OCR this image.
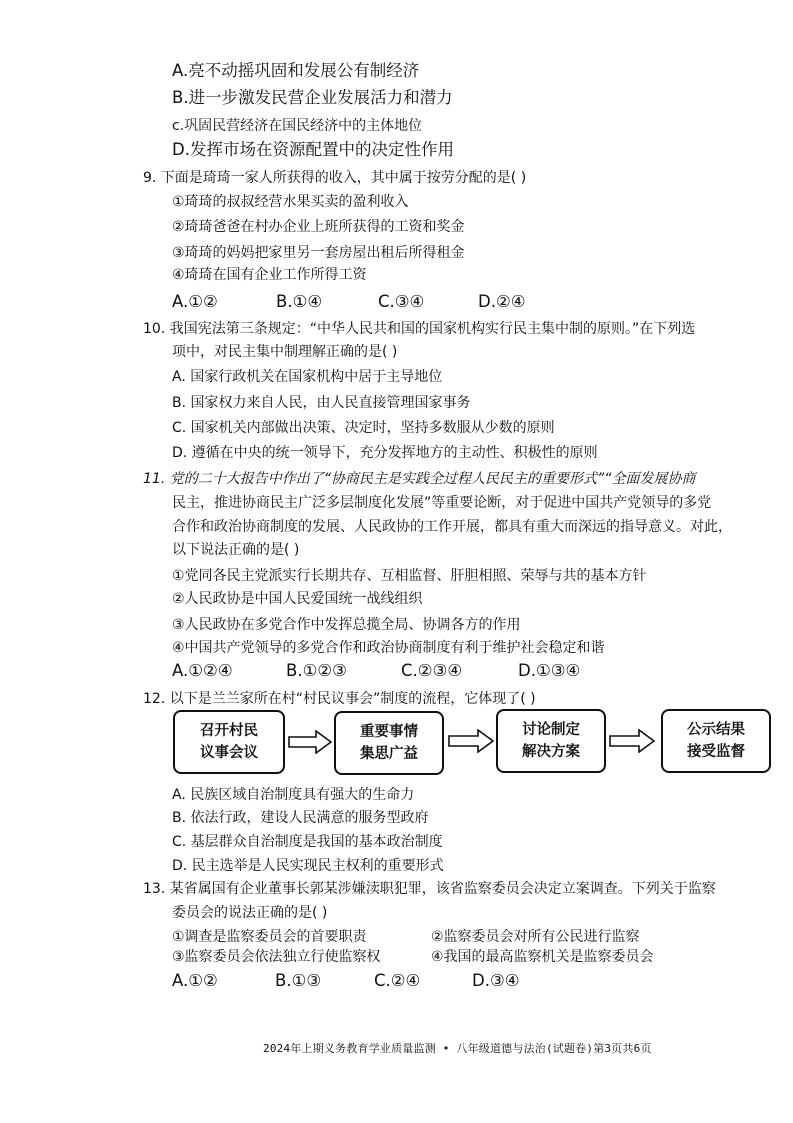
A.亮不动摇巩固和发展公有制经济
B.进一步激发民营企业发展活力和潜力
c.巩固民营经济在国民经济中的主体地位
D.发挥市场在资源配置中的决定性作用
9. 下面是琦琦一家人所获得的收入，其中属于按劳分配的是( )
①琦琦的叔叔经营水果买卖的盈利收入
②琦琦爸爸在村办企业上班所获得的工资和奖金
③琦琦的妈妈把家里另一套房屋出租后所得租金
④琦琦在国有企业工作所得工资
A.①②	B.①④	C.③④	D.②④
10. 我国宪法第三条规定：“中华人民共和国的国家机构实行民主集中制的原则。”在下列选
项中，对民主集中制理解正确的是( )
A. 国家行政机关在国家机构中居于主导地位
B. 国家权力来自人民，由人民直接管理国家事务
C. 国家机关内部做出决策、决定时，坚持多数服从少数的原则
D. 遵循在中央的统一领导下，充分发挥地方的主动性、积极性的原则
11. 党的二十大报告中作出了“协商民主是实践全过程人民民主的重要形式”“全面发展协商
民主，推进协商民主广泛多层制度化发展”等重要论断，对于促进中国共产党领导的多党
合作和政治协商制度的发展、人民政协的工作开展，都具有重大而深远的指导意义。对此，
以下说法正确的是( )
①党同各民主党派实行长期共存、互相监督、肝胆相照、荣辱与共的基本方针
②人民政协是中国人民爱国统一战线组织
③人民政协在多党合作中发挥总揽全局、协调各方的作用
④中国共产党领导的多党合作和政治协商制度有利于维护社会稳定和谐
A.①②④	B.①②③	C.②③④	D.①③④
12. 以下是兰兰家所在村“村民议事会”制度的流程，它体现了( )
召开村民
议事会议
重要事情
集思广益
讨论制定
解决方案
公示结果
接受监督
A. 民族区域自治制度具有强大的生命力
B. 依法行政，建设人民满意的服务型政府
C. 基层群众自治制度是我国的基本政治制度
D. 民主选举是人民实现民主权利的重要形式
13. 某省属国有企业董事长郭某涉嫌渎职犯罪，该省监察委员会决定立案调查。下列关于监察
委员会的说法正确的是( )
①调查是监察委员会的首要职责	②监察委员会对所有公民进行监察
③监察委员会依法独立行使监察权	④我国的最高监察机关是监察委员会
A.①②	B.①③	C.②④	D.③④
2024年上期义务教育学业质量监测 • 八年级道德与法治(试题卷)第3页共6页
